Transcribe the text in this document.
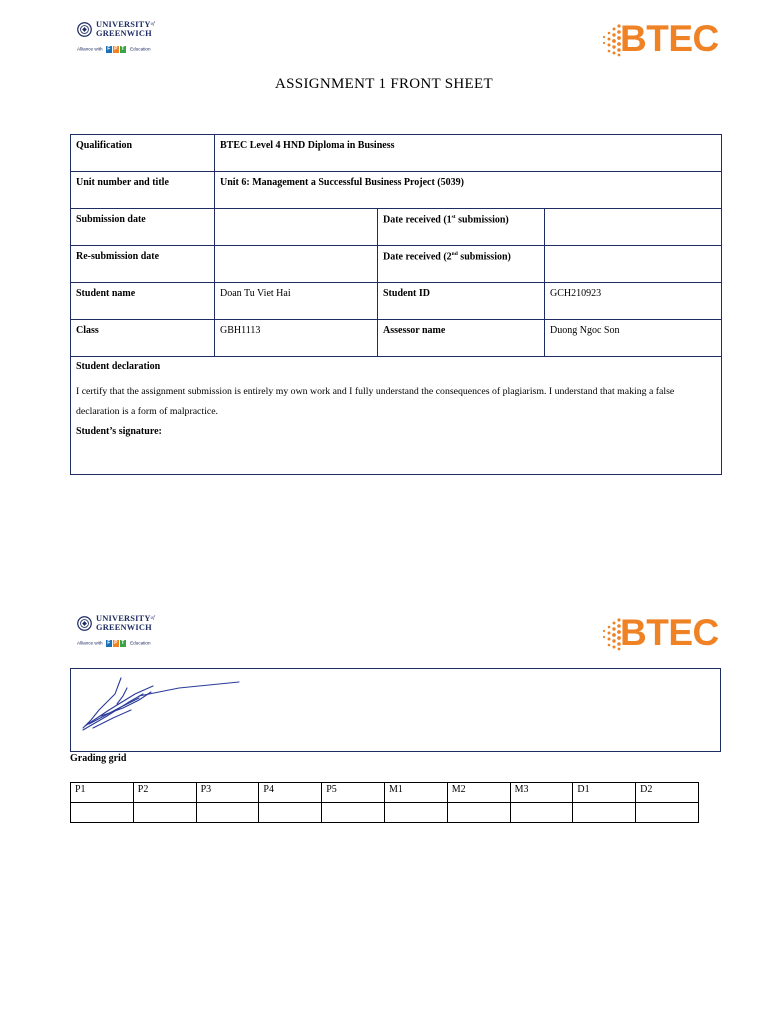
$UNIVERSITY^{of}$
GREENWICH
Alliance with F P T Education	BTEC
ASSIGNMENT 1 FRONT SHEET
Qualification	BTEC Level 4 HND Diploma in Business		
Unit number and title	Unit 6: Management a Successful Business Project (5039)		
Submission date		Date received (1st submission)	
Re-submission date		Date received (2nd submission)	
Student name	Doan Tu Viet Hai	Student ID	GCH210923
Class	GBH1113	Assessor name	Duong Ngoc Son

Student declaration
I certify that the assignment submission is entirely my own work and I fully understand the consequences of plagiarism. I understand that making a false declaration is a form of malpractice.
Student’s signature:			
$UNIVERSITY^{of}$
GREENWICH
Alliance with F P T Education	BTEC
Grading grid
P1	P2	P3	P4	P5	M1	M2	M3	D1	D2
